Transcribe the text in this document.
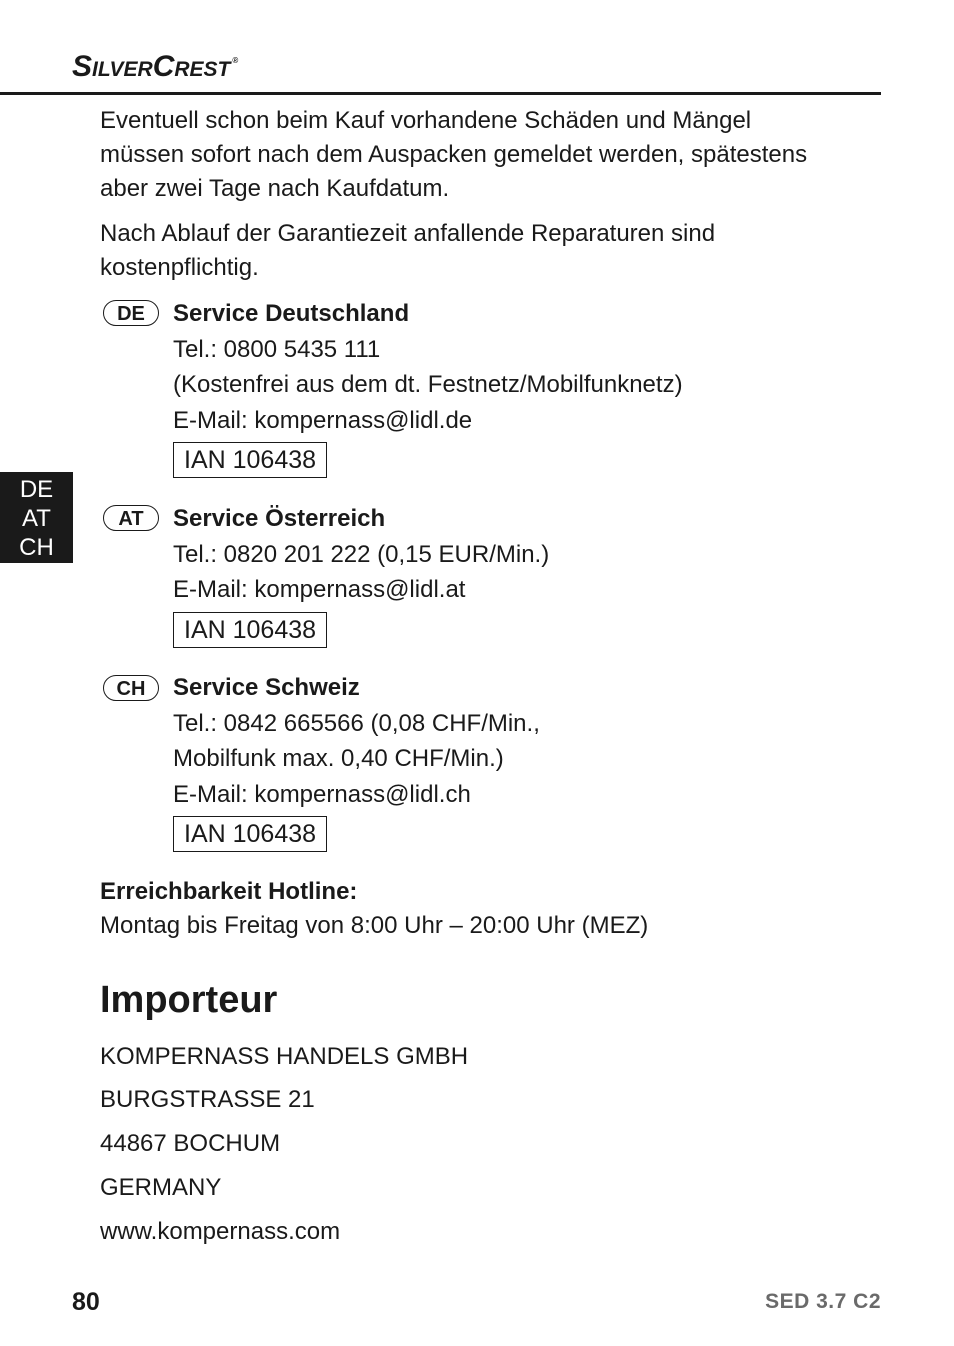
SILVERCREST ®
DE
AT
CH

Eventuell schon beim Kauf vorhandene Schäden und Mängel müssen sofort nach dem Auspacken gemeldet werden, spätestens aber zwei Tage nach Kaufdatum.

Nach Ablauf der Garantiezeit anfallende Reparaturen sind kostenpflichtig.

DE	Service Deutschland
Tel.: 0800 5435 111
(Kostenfrei aus dem dt. Festnetz/Mobilfunknetz)
E-Mail: kompernass@lidl.de
IAN 106438
AT	Service Österreich
Tel.: 0820 201 222 (0,15 EUR/Min.)
E-Mail: kompernass@lidl.at
IAN 106438
CH	Service Schweiz
Tel.: 0842 665566 (0,08 CHF/Min.,
Mobilfunk max. 0,40 CHF/Min.)
E-Mail: kompernass@lidl.ch
IAN 106438
Erreichbarkeit Hotline:
Montag bis Freitag von 8:00 Uhr – 20:00 Uhr (MEZ)
Importeur
KOMPERNASS HANDELS GMBH
BURGSTRASSE 21
44867 BOCHUM
GERMANY
www.kompernass.com
80	SED 3.7 C2
